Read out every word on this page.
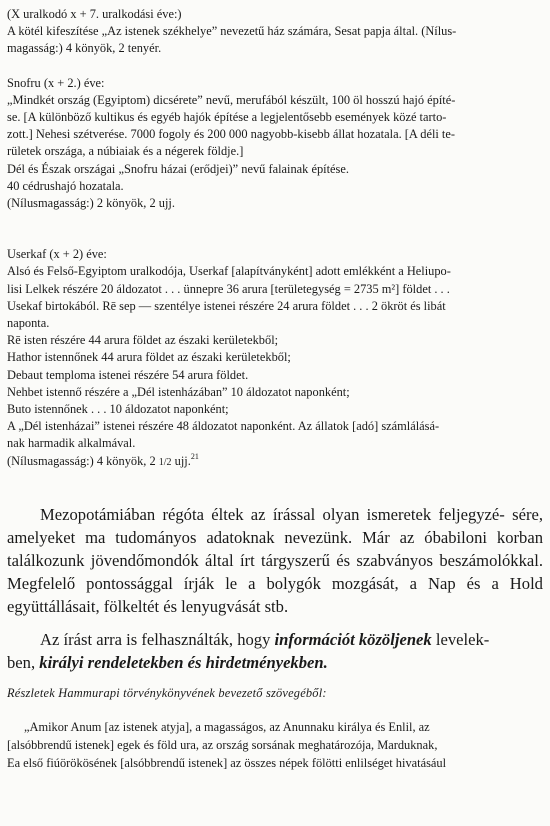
(X uralkodó x + 7. uralkodási éve:)

A kötél kifeszítése „Az istenek székhelye” nevezetű ház számára, Sesat papja által. (Nílus-

magasság:) 4 könyök, 2 tenyér.

Snofru (x + 2.) éve:

„Mindkét ország (Egyiptom) dicsérete” nevű, merufából készült, 100 öl hosszú hajó építé-

se. [A különböző kultikus és egyéb hajók építése a legjelentősebb események közé tarto-

zott.] Nehesi szétverése. 7000 fogoly és 200 000 nagyobb-kisebb állat hozatala. [A déli te-

rületek országa, a núbiaiak és a négerek földje.]

Dél és Észak országai „Snofru házai (erődjei)” nevű falainak építése.

40 cédrushajó hozatala.

(Nílusmagasság:) 2 könyök, 2 ujj.

Userkaf (x + 2) éve:

Alsó és Felső-Egyiptom uralkodója, Userkaf [alapítványként] adott emlékként a Heliupo-

lisi Lelkek részére 20 áldozatot . . . ünnepre 36 arura [területegység = 2735 m²] földet . . .

Usekaf birtokából. Rē sep — szentélye istenei részére 24 arura földet . . . 2 ökröt és libát

naponta.

Rē isten részére 44 arura földet az északi kerületekből;

Hathor istennőnek 44 arura földet az északi kerületekből;

Debaut temploma istenei részére 54 arura földet.

Nehbet istennő részére a „Dél istenházában” 10 áldozatot naponként;

Buto istennőnek . . . 10 áldozatot naponként;

A „Dél istenházai” istenei részére 48 áldozatot naponként. Az állatok [adó] számlálásá-

nak harmadik alkalmával.

(Nílusmagasság:) 4 könyök, 2 1/2 ujj.$^{21}$

Mezopotámiában régóta éltek az írással olyan ismeretek feljegyzé- sére, amelyeket ma tudományos adatoknak nevezünk. Már az óbabiloni korban találkozunk jövendőmondók által írt tárgyszerű és szabványos beszámolókkal. Megfelelő pontossággal írják le a bolygók mozgását, a Nap és a Hold együttállásait, fölkeltét és lenyugvását stb.

Az írást arra is felhasználták, hogy információt közöljenek levelek-
ben, királyi rendeletekben és hirdetményekben.

Részletek Hammurapi törvénykönyvének bevezető szövegéből:

„Amikor Anum [az istenek atyja], a magasságos, az Anunnaku királya és Enlil, az

[alsóbbrendű istenek] egek és föld ura, az ország sorsának meghatározója, Marduknak,

Ea első fiúörökösének [alsóbbrendű istenek] az összes népek fölötti enlilséget hivatásául
